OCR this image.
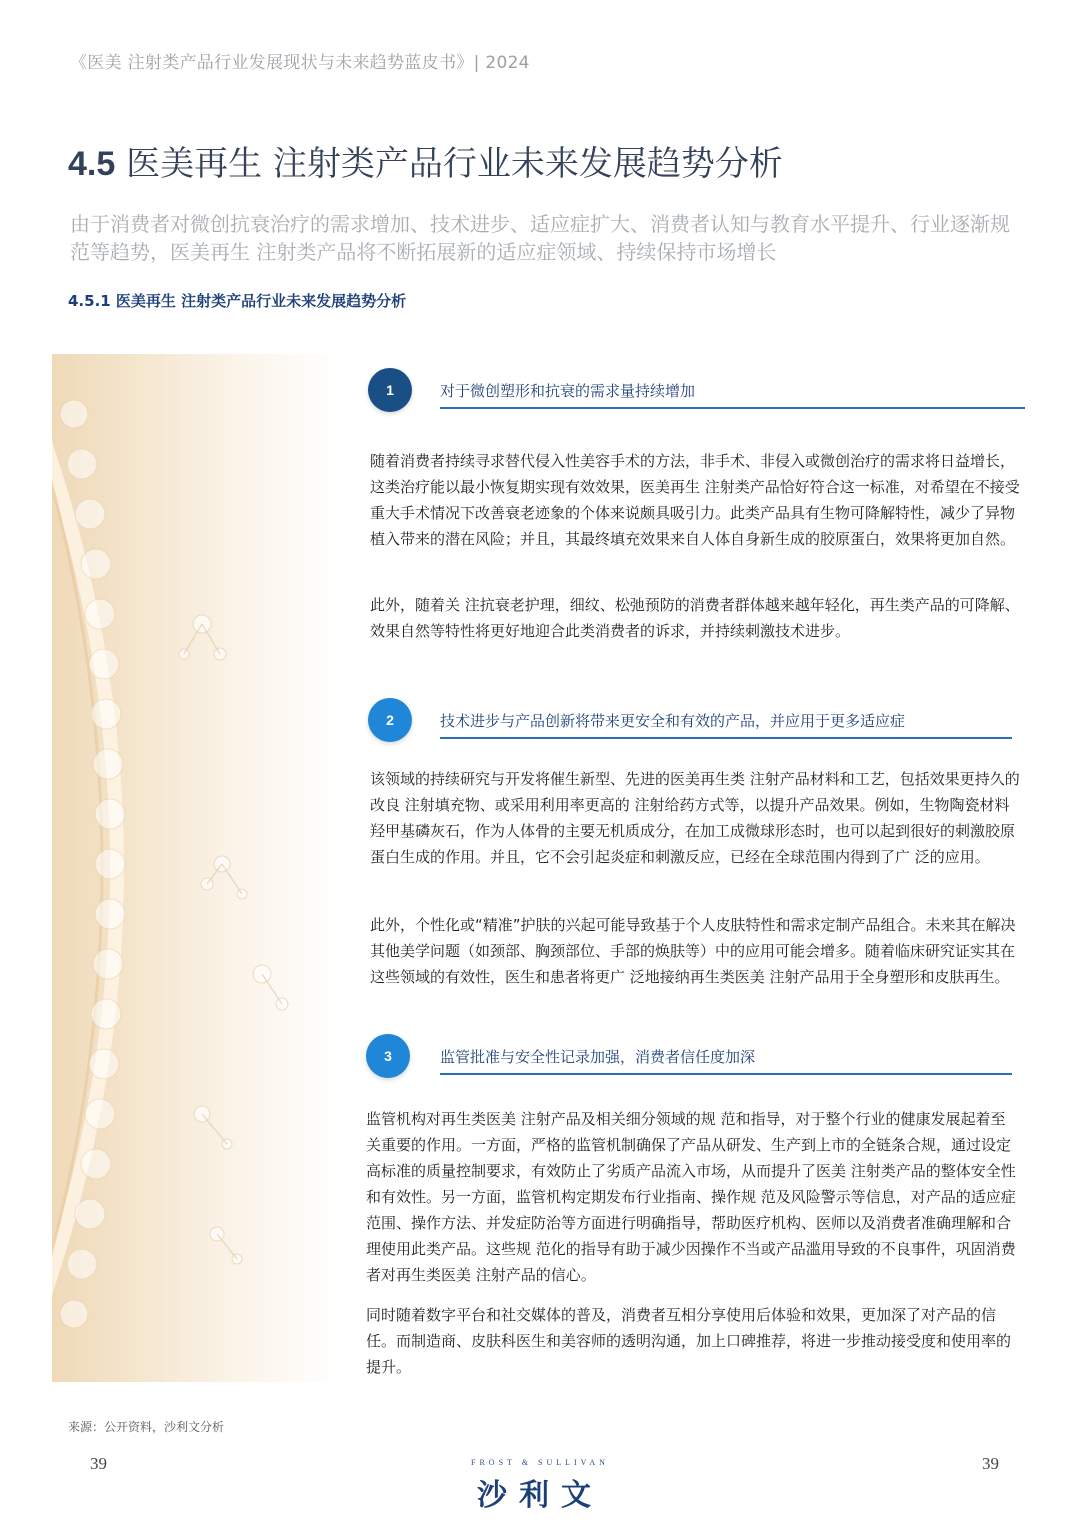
《医美 注射类产品行业发展现状与未来趋势蓝皮书》| 2024
4.5 医美再生 注射类产品行业未来发展趋势分析

由于消费者对微创抗衰治疗的需求增加、技术进步、适应症扩大、消费者认知与教育水平提升、行业逐渐规 范等趋势，医美再生 注射类产品将不断拓展新的适应症领域、持续保持市场增长

4.5.1 医美再生 注射类产品行业未来发展趋势分析
1	对于微创塑形和抗衰的需求量持续增加

随着消费者持续寻求替代侵入性美容手术的方法，非手术、非侵入或微创治疗的需求将日益增长，这类治疗能以最小恢复期实现有效效果，医美再生 注射类产品恰好符合这一标准，对希望在不接受重大手术情况下改善衰老迹象的个体来说颇具吸引力。此类产品具有生物可降解特性，减少了异物植入带来的潜在风险；并且，其最终填充效果来自人体自身新生成的胶原蛋白，效果将更加自然。

此外，随着关 注抗衰老护理，细纹、松弛预防的消费者群体越来越年轻化，再生类产品的可降解、效果自然等特性将更好地迎合此类消费者的诉求，并持续刺激技术进步。

2	技术进步与产品创新将带来更安全和有效的产品，并应用于更多适应症

该领域的持续研究与开发将催生新型、先进的医美再生类 注射产品材料和工艺，包括效果更持久的改良 注射填充物、或采用利用率更高的 注射给药方式等，以提升产品效果。例如，生物陶瓷材料羟甲基磷灰石，作为人体骨的主要无机质成分，在加工成微球形态时，也可以起到很好的刺激胶原蛋白生成的作用。并且，它不会引起炎症和刺激反应，已经在全球范围内得到了广 泛的应用。

此外，个性化或“精准”护肤的兴起可能导致基于个人皮肤特性和需求定制产品组合。未来其在解决其他美学问题（如颈部、胸颈部位、手部的焕肤等）中的应用可能会增多。随着临床研究证实其在这些领域的有效性，医生和患者将更广 泛地接纳再生类医美 注射产品用于全身塑形和皮肤再生。

3	监管批准与安全性记录加强，消费者信任度加深

监管机构对再生类医美 注射产品及相关细分领域的规 范和指导，对于整个行业的健康发展起着至关重要的作用。一方面，严格的监管机制确保了产品从研发、生产到上市的全链条合规，通过设定高标准的质量控制要求，有效防止了劣质产品流入市场，从而提升了医美 注射类产品的整体安全性和有效性。另一方面，监管机构定期发布行业指南、操作规 范及风险警示等信息，对产品的适应症 范围、操作方法、并发症防治等方面进行明确指导，帮助医疗机构、医师以及消费者准确理解和合理使用此类产品。这些规 范化的指导有助于减少因操作不当或产品滥用导致的不良事件，巩固消费者对再生类医美 注射产品的信心。

同时随着数字平台和社交媒体的普及，消费者互相分享使用后体验和效果，更加深了对产品的信任。而制造商、皮肤科医生和美容师的透明沟通，加上口碑推荐，将进一步推动接受度和使用率的提升。

来源：公开资料，沙利文分析
39	39
FROST & SULLIVAN
沙利文
